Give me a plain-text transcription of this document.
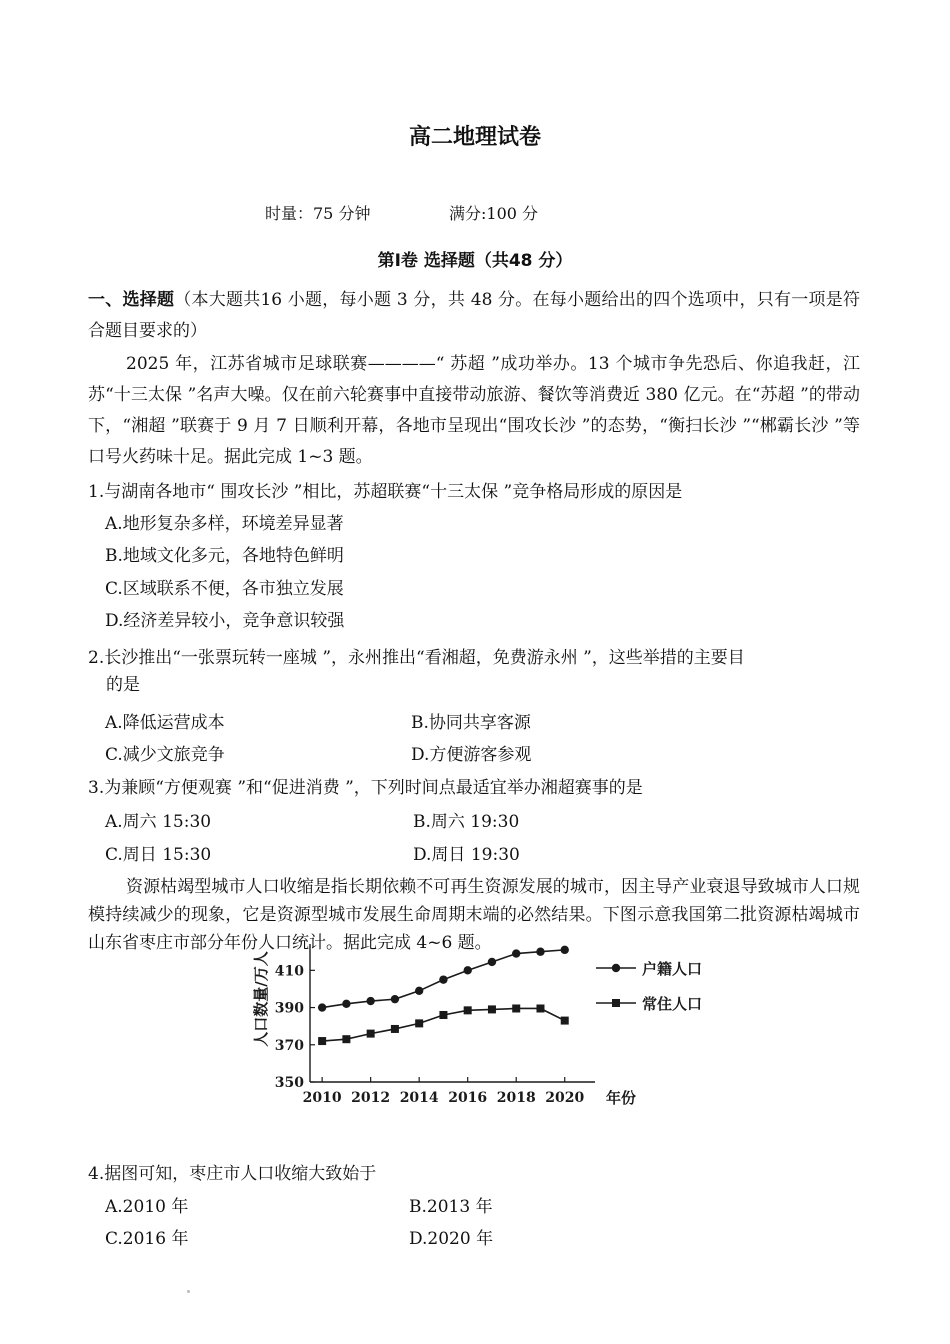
高二地理试卷
时量：75 分钟	满分:100 分
第Ⅰ卷 选择题（共48 分）
一、选择题（本大题共16 小题，每小题 3 分，共 48 分。在每小题给出的四个选项中，只有一项是符合题目要求的）
2025 年，江苏省城市足球联赛————“ 苏超 ”成功举办。13 个城市争先恐后、你追我赶，江苏“十三太保 ”名声大噪。仅在前六轮赛事中直接带动旅游、餐饮等消费近 380 亿元。在“苏超 ”的带动下，“湘超 ”联赛于 9 月 7 日顺利开幕，各地市呈现出“围攻长沙 ”的态势，“衡扫长沙 ”“郴霸长沙 ”等口号火药味十足。据此完成 1~3 题。
1.与湖南各地市“ 围攻长沙 ”相比，苏超联赛“十三太保 ”竞争格局形成的原因是
A.地形复杂多样，环境差异显著
B.地域文化多元，各地特色鲜明
C.区域联系不便，各市独立发展
D.经济差异较小，竞争意识较强
2.长沙推出“一张票玩转一座城 ”，永州推出“看湘超，免费游永州 ”，这些举措的主要目
的是
A.降低运营成本	B.协同共享客源
C.减少文旅竞争	D.方便游客参观
3.为兼顾“方便观赛 ”和“促进消费 ”，下列时间点最适宜举办湘超赛事的是
A.周六 15:30	B.周六 19:30
C.周日 15:30	D.周日 19:30
资源枯竭型城市人口收缩是指长期依赖不可再生资源发展的城市，因主导产业衰退导致城市人口规模持续减少的现象，它是资源型城市发展生命周期末端的必然结果。下图示意我国第二批资源枯竭城市山东省枣庄市部分年份人口统计。据此完成 4~6 题。
350
370
390
410
2010 2012 2014 2016 2018 2020 年份
人口数量/万人	户籍人口
常住人口
4.据图可知，枣庄市人口收缩大致始于
A.2010 年	B.2013 年
C.2016 年	D.2020 年
